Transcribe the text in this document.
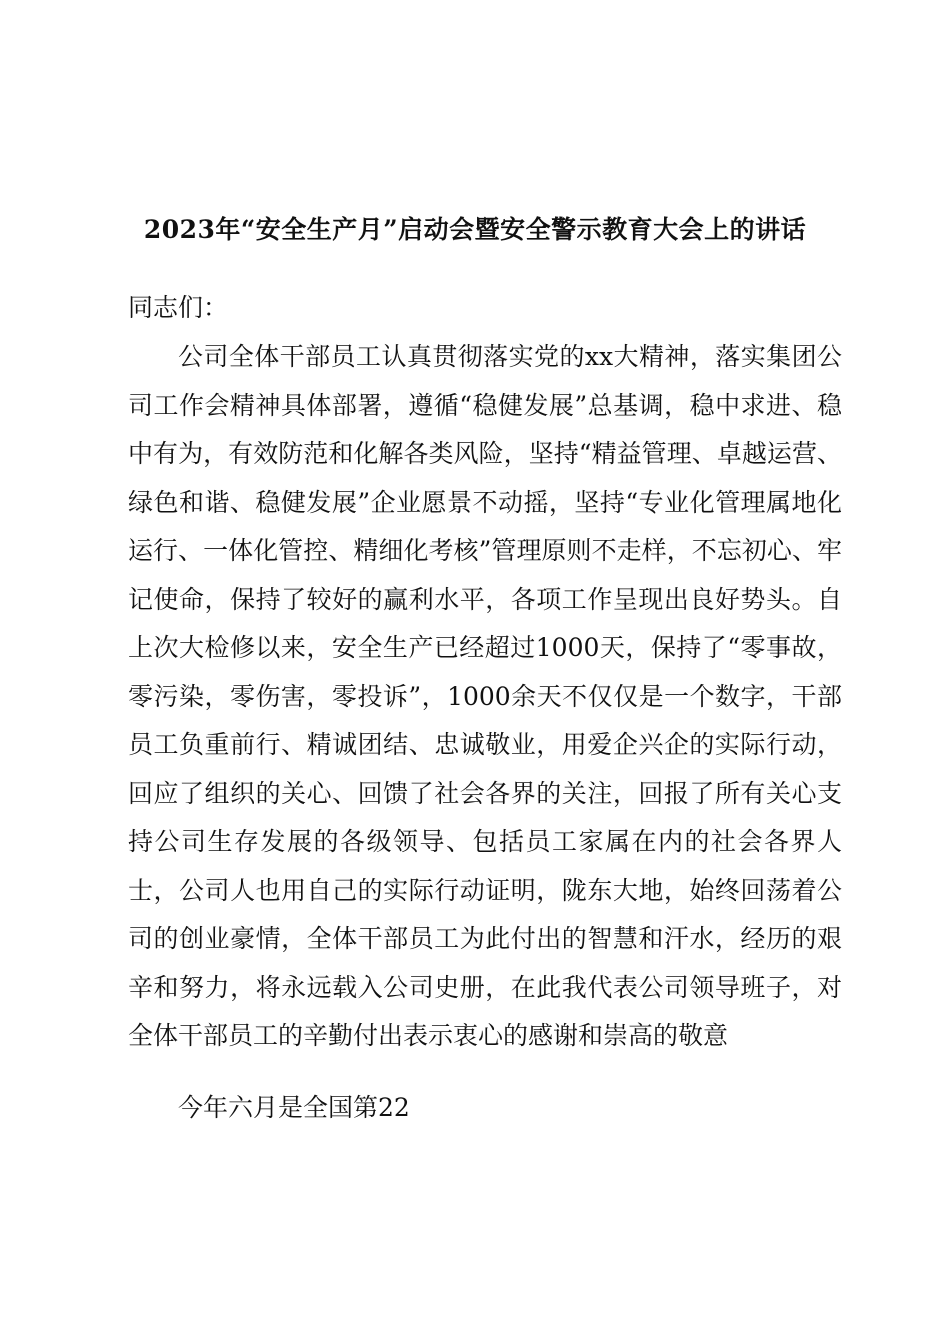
2023年“安全生产月”启动会暨安全警示教育大会上的讲话

同志们：

公司全体干部员工认真贯彻落实党的xx大精神，落实集团公司工作会精神具体部署，遵循“稳健发展”总基调，稳中求进、稳中有为，有效防范和化解各类风险，坚持“精益管理、卓越运营、绿色和谐、稳健发展”企业愿景不动摇，坚持“专业化管理属地化运行、一体化管控、精细化考核”管理原则不走样，不忘初心、牢记使命，保持了较好的赢利水平，各项工作呈现出良好势头。自上次大检修以来，安全生产已经超过1000天，保持了“零事故，零污染，零伤害，零投诉”，1000余天不仅仅是一个数字，干部员工负重前行、精诚团结、忠诚敬业，用爱企兴企的实际行动，回应了组织的关心、回馈了社会各界的关注，回报了所有关心支持公司生存发展的各级领导、包括员工家属在内的社会各界人士，公司人也用自己的实际行动证明，陇东大地，始终回荡着公司的创业豪情，全体干部员工为此付出的智慧和汗水，经历的艰辛和努力，将永远载入公司史册，在此我代表公司领导班子，对全体干部员工的辛勤付出表示衷心的感谢和崇高的敬意

今年六月是全国第22
